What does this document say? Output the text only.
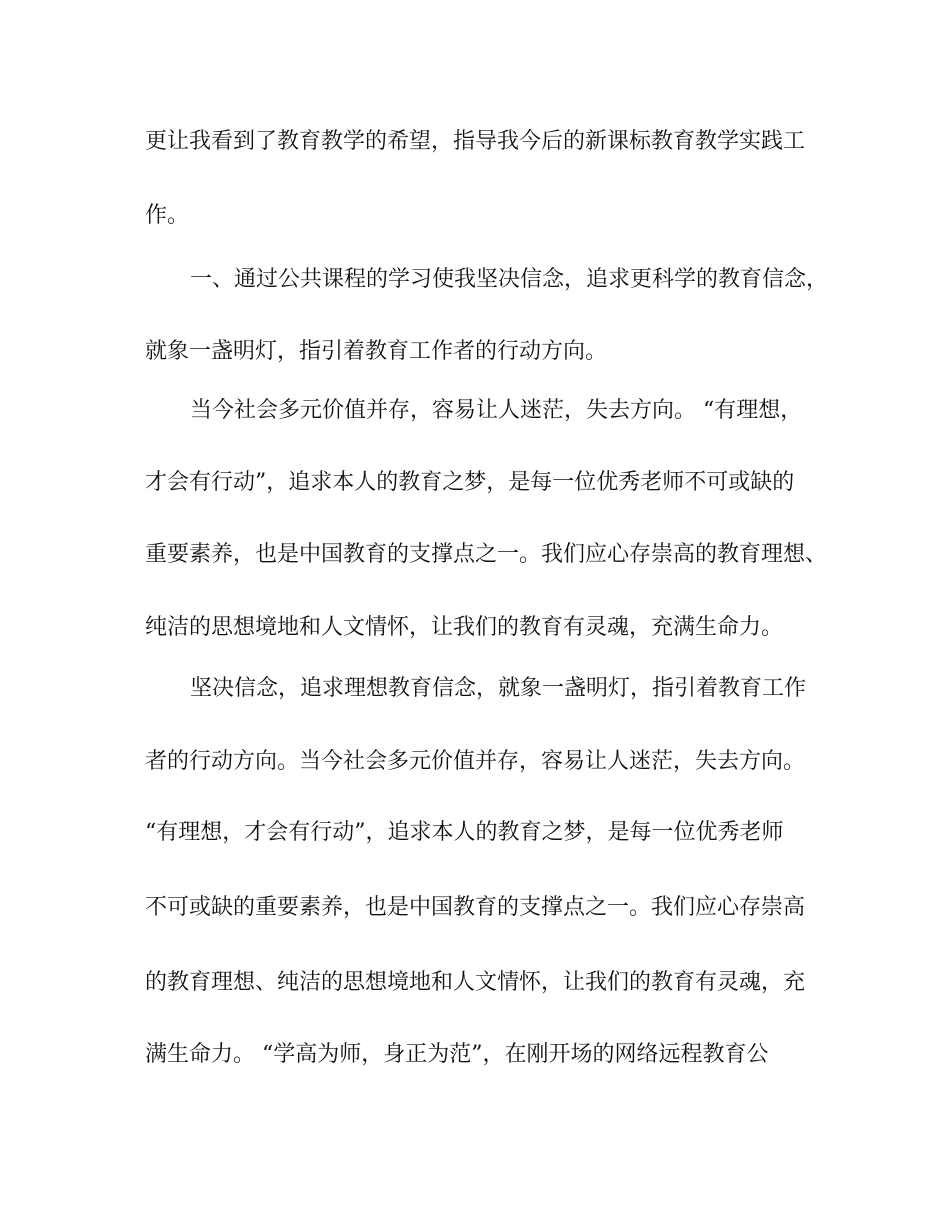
更让我看到了教育教学的希望，指导我今后的新课标教育教学实践工
作。
一、通过公共课程的学习使我坚决信念，追求更科学的教育信念，
就象一盏明灯，指引着教育工作者的行动方向。
当今社会多元价值并存，容易让人迷茫，失去方向。 “有理想，
才会有行动”，追求本人的教育之梦，是每一位优秀老师不可或缺的
重要素养，也是中国教育的支撑点之一。我们应心存崇高的教育理想、
纯洁的思想境地和人文情怀，让我们的教育有灵魂，充满生命力。
坚决信念，追求理想教育信念，就象一盏明灯，指引着教育工作
者的行动方向。当今社会多元价值并存，容易让人迷茫，失去方向。
“有理想，才会有行动”，追求本人的教育之梦，是每一位优秀老师
不可或缺的重要素养，也是中国教育的支撑点之一。我们应心存崇高
的教育理想、纯洁的思想境地和人文情怀，让我们的教育有灵魂，充
满生命力。 “学高为师，身正为范”，在刚开场的网络远程教育公
